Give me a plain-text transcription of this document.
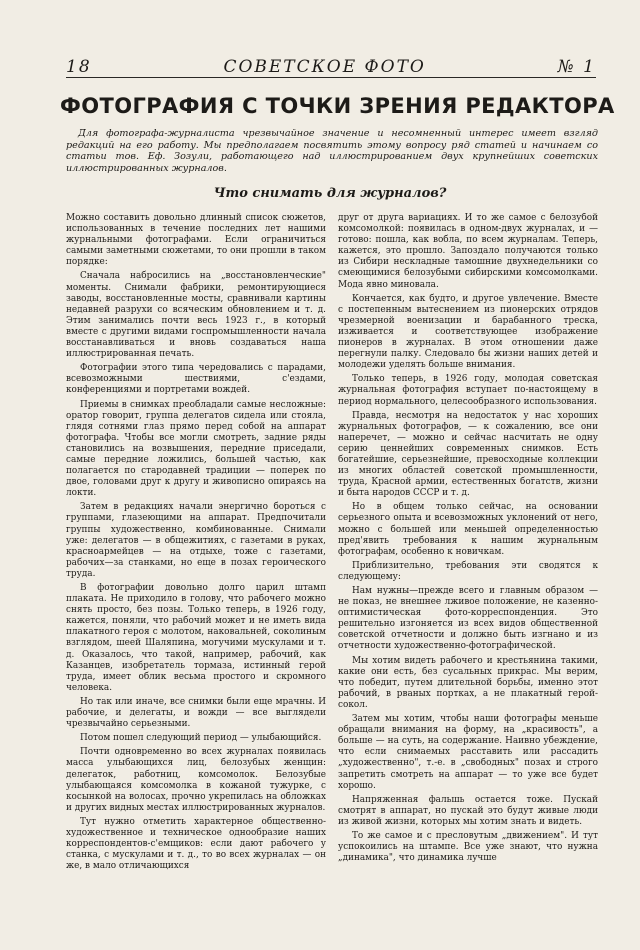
18	СОВЕТСКОЕ ФОТО	№ 1
ФОТОГРАФИЯ С ТОЧКИ ЗРЕНИЯ РЕДАКТОРА
Для фотографа-журналиста чрезвычайное значение и несомненный интерес имеет взгляд редакций на его работу. Мы предполагаем посвятить этому вопросу ряд статей и начинаем со статьи тов. Еф. Зозули, работающего над иллюстрированием двух крупнейших советских иллюстрированных журналов.
Что снимать для журналов?

Можно составить довольно длинный список сюжетов, использованных в течение последних лет нашими журнальными фотографами. Если ограничиться самыми заметными сюжетами, то они прошли в таком порядке:

Сначала набросились на „восстановленческие" моменты. Снимали фабрики, ремонтирующиеся заводы, восстановленные мосты, сравнивали картины недавней разрухи со всяческим обновлением и т. д. Этим занимались почти весь 1923 г., в который вместе с другими видами госпромышленности начала восстанавливаться и вновь создаваться наша иллюстрированная печать.

Фотографии этого типа чередовались с парадами, всевозможными шествиями, с'ездами, конференциями и портретами вождей.

Приемы в снимках преобладали самые несложные: оратор говорит, группа делегатов сидела или стояла, глядя сотнями глаз прямо перед собой на аппарат фотографа. Чтобы все могли смотреть, задние ряды становились на возвышения, передние приседали, самые передние ложились, большей частью, как полагается по стародавней традиции — поперек по двое, головами друг к другу и живописно опираясь на локти.

Затем в редакциях начали энергично бороться с группами, глазеющими на аппарат. Предпочитали группы художественно, комбинованные. Снимали уже: делегатов — в общежитиях, с газетами в руках, красноармейцев — на отдыхе, тоже с газетами, рабочих—за станками, но еще в позах героического труда.

В фотографии довольно долго царил штамп плаката. Не приходило в голову, что рабочего можно снять просто, без позы. Только теперь, в 1926 году, кажется, поняли, что рабочий может и не иметь вида плакатного героя с молотом, наковальней, соколиным взглядом, шеей Шаляпина, могучими мускулами и т. д. Оказалось, что такой, например, рабочий, как Казанцев, изобретатель тормаза, истинный герой труда, имеет облик весьма простого и скромного человека.

Но так или иначе, все снимки были еще мрачны. И рабочие, и делегаты, и вожди — все выглядели чрезвычайно серьезными.

Потом пошел следующий период — улыбающийся.

Почти одновременно во всех журналах появилась масса улыбающихся лиц, белозубых женщин: делегаток, работниц, комсомолок. Белозубые улыбающаяся комсомолка в кожаной тужурке, с косынкой на волосах, прочно укрепилась на обложках и других видных местах иллюстрированных журналов.

Тут нужно отметить характерное общественно-художественное и техническое однообразие наших корреспондентов-с'емщиков: если дают рабочего у станка, с мускулами и т. д., то во всех журналах — он же, в мало отличающихся

друг от друга вариациях. И то же самое с белозубой комсомолкой: появилась в одном-двух журналах, и — готово: пошла, как вобла, по всем журналам. Теперь, кажется, это прошло. Запоздало получаются только из Сибири нескладные тамошние двухнедельники со смеющимися белозубыми сибирскими комсомолками. Мода явно миновала.

Кончается, как будто, и другое увлечение. Вместе с постепенным вытеснением из пионерских отрядов чрезмерной военизации и барабанного треска, изживается и соответствующее изображение пионеров в журналах. В этом отношении даже перегнули палку. Следовало бы жизни наших детей и молодежи уделять больше внимания.

Только теперь, в 1926 году, молодая советская журнальная фотография вступает по-настоящему в период нормального, целесообразного использования.

Правда, несмотря на недостаток у нас хороших журнальных фотографов, — к сожалению, все они наперечет, — можно и сейчас насчитать не одну серию ценнейших современных снимков. Есть богатейшие, серьезнейшие, превосходные коллекции из многих областей советской промышленности, труда, Красной армии, естественных богатств, жизни и быта народов СССР и т. д.

Но в общем только сейчас, на основании серьезного опыта и всевозможных уклонений от него, можно с большей или меньшей определенностью пред'явить требования к нашим журнальным фотографам, особенно к новичкам.

Приблизительно, требования эти сводятся к следующему:

Нам нужны—прежде всего и главным образом — не показ, не внешнее лживое положение, не казенно-оптимистическая фото-корреспонденция. Это решительно изгоняется из всех видов общественной советской отчетности и должно быть изгнано и из отчетности художественно-фотографической.

Мы хотим видеть рабочего и крестьянина такими, какие они есть, без сусальных прикрас. Мы верим, что победит, путем длительной борьбы, именно этот рабочий, в рваных портках, а не плакатный герой-сокол.

Затем мы хотим, чтобы наши фотографы меньше обращали внимания на форму, на „красивость", а больше — на суть, на содержание. Наивно убеждение, что если снимаемых расставить или рассадить „художественно", т.-е. в „свободных" позах и строго запретить смотреть на аппарат — то уже все будет хорошо.

Напряженная фальшь остается тоже. Пускай смотрят в аппарат, но пускай это будут живые люди из живой жизни, которых мы хотим знать и видеть.

То же самое и с пресловутым „движением". И тут успокоились на штампе. Все уже знают, что нужна „динамика", что динамика лучше
